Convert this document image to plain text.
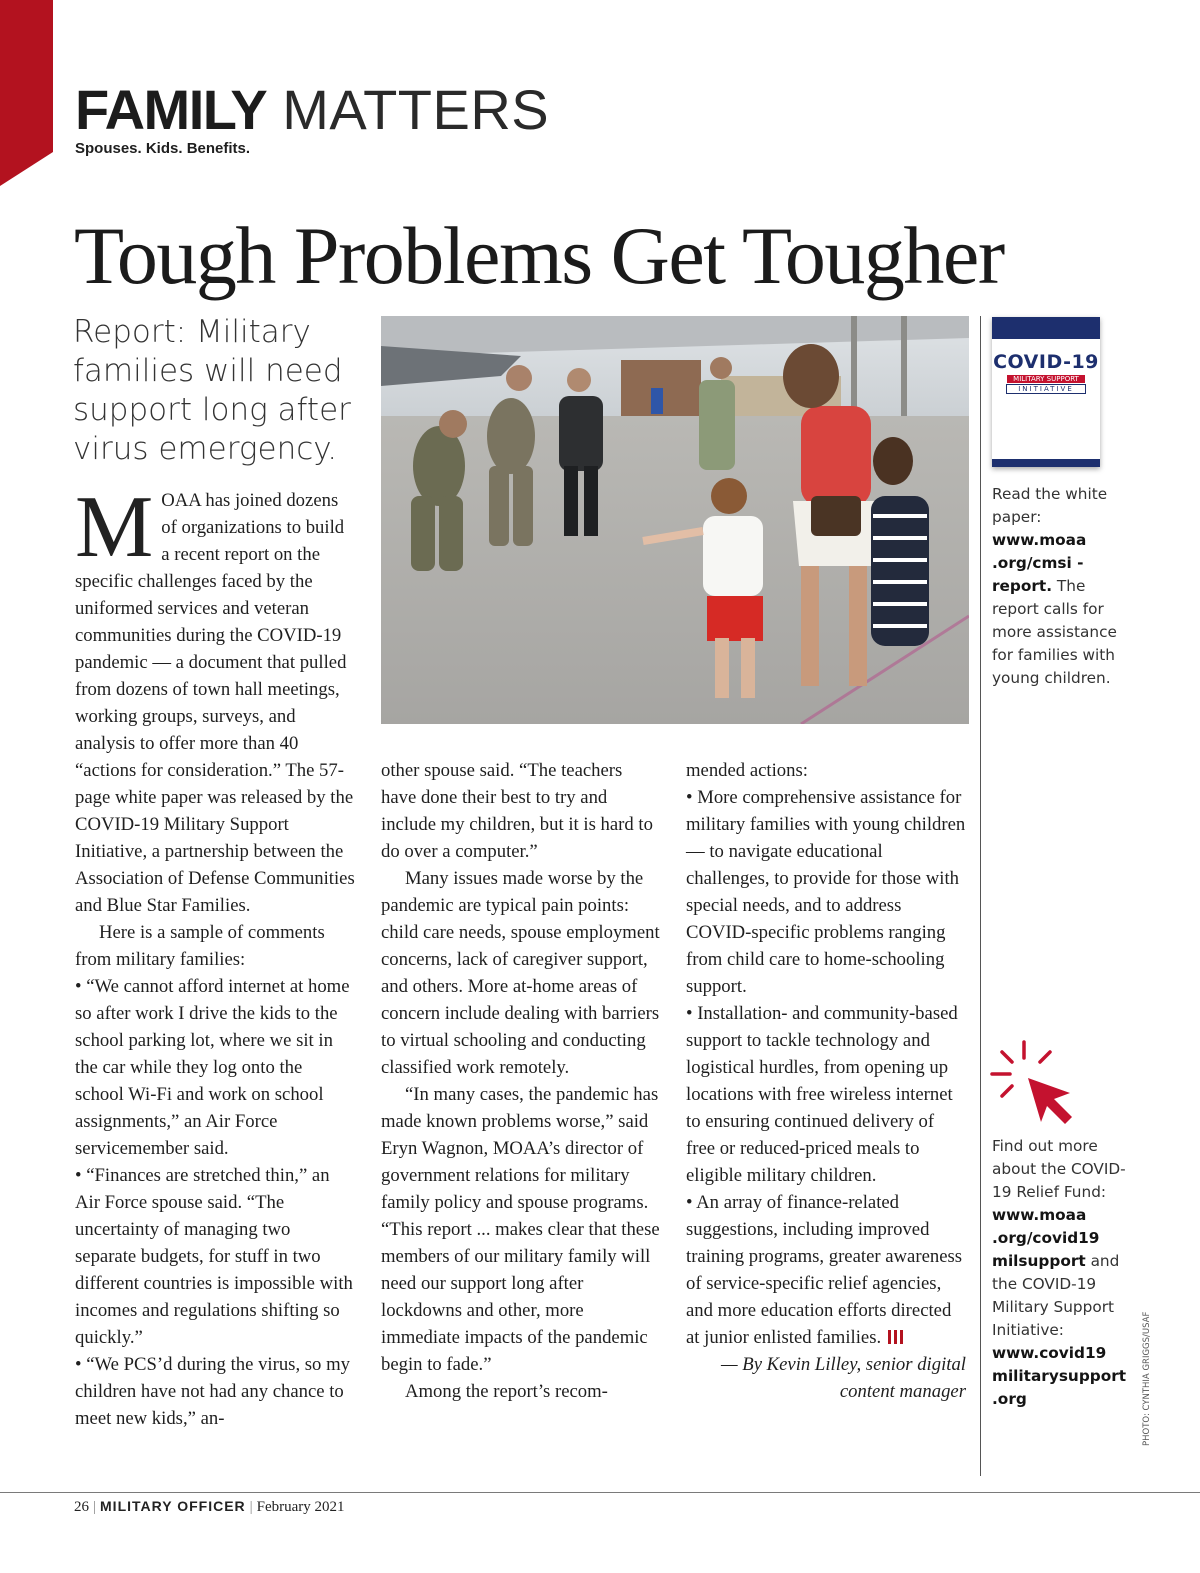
FAMILY MATTERS
Spouses. Kids. Benefits.
Tough Problems Get Tougher

Report: Military families will need support long after virus emergency.

M OAA has joined dozens of organizations to build a recent report on the specific challenges faced by the uniformed services and veteran communities during the COVID-19 pandemic — a document that pulled from dozens of town hall meetings, working groups, surveys, and analysis to offer more than 40 “actions for consideration.” The 57-page white paper was released by the COVID-19 Military Support Initiative, a partnership between the Association of Defense Communities and Blue Star Families.

Here is a sample of comments from military families:

• “We cannot afford internet at home so after work I drive the kids to the school parking lot, where we sit in the car while they log onto the school Wi-Fi and work on school assignments,” an Air Force servicemember said.

• “Finances are stretched thin,” an Air Force spouse said. “The uncertainty of managing two separate budgets, for stuff in two different countries is impossible with incomes and regulations shifting so quickly.”

• “We PCS’d during the virus, so my children have not had any chance to meet new kids,” an-

other spouse said. “The teachers have done their best to try and include my children, but it is hard to do over a computer.”

Many issues made worse by the pandemic are typical pain points: child care needs, spouse employment concerns, lack of caregiver support, and others. More at-home areas of concern include dealing with barriers to virtual schooling and conducting classified work remotely.

“In many cases, the pandemic has made known problems worse,” said Eryn Wagnon, MOAA’s director of government relations for military family policy and spouse programs. “This report ... makes clear that these members of our military family will need our support long after lockdowns and other, more immediate impacts of the pandemic begin to fade.”

Among the report’s recom-

mended actions:

• More comprehensive assistance for military families with young children — to navigate educational challenges, to provide for those with special needs, and to address COVID-specific problems ranging from child care to home-schooling support.

• Installation- and community-based support to tackle technology and logistical hurdles, from opening up locations with free wireless internet to ensuring continued delivery of free or reduced-priced meals to eligible military children.

• An array of finance-related suggestions, including improved training programs, greater awareness of service-specific relief agencies, and more education efforts directed at junior enlisted families.

— By Kevin Lilley, senior digital content manager

COVID-19
MILITARY SUPPORT
INITIATIVE
Read the white paper: www.moaa .org/cmsi -report. The report calls for more assistance for families with young children.
Find out more about the COVID-19 Relief Fund: www.moaa .org/covid19 milsupport and the COVID-19 Military Support Initiative: www.covid19 militarysupport .org	PHOTO: CYNTHIA GRIGGS/USAF
26 | MILITARY OFFICER | February 2021
